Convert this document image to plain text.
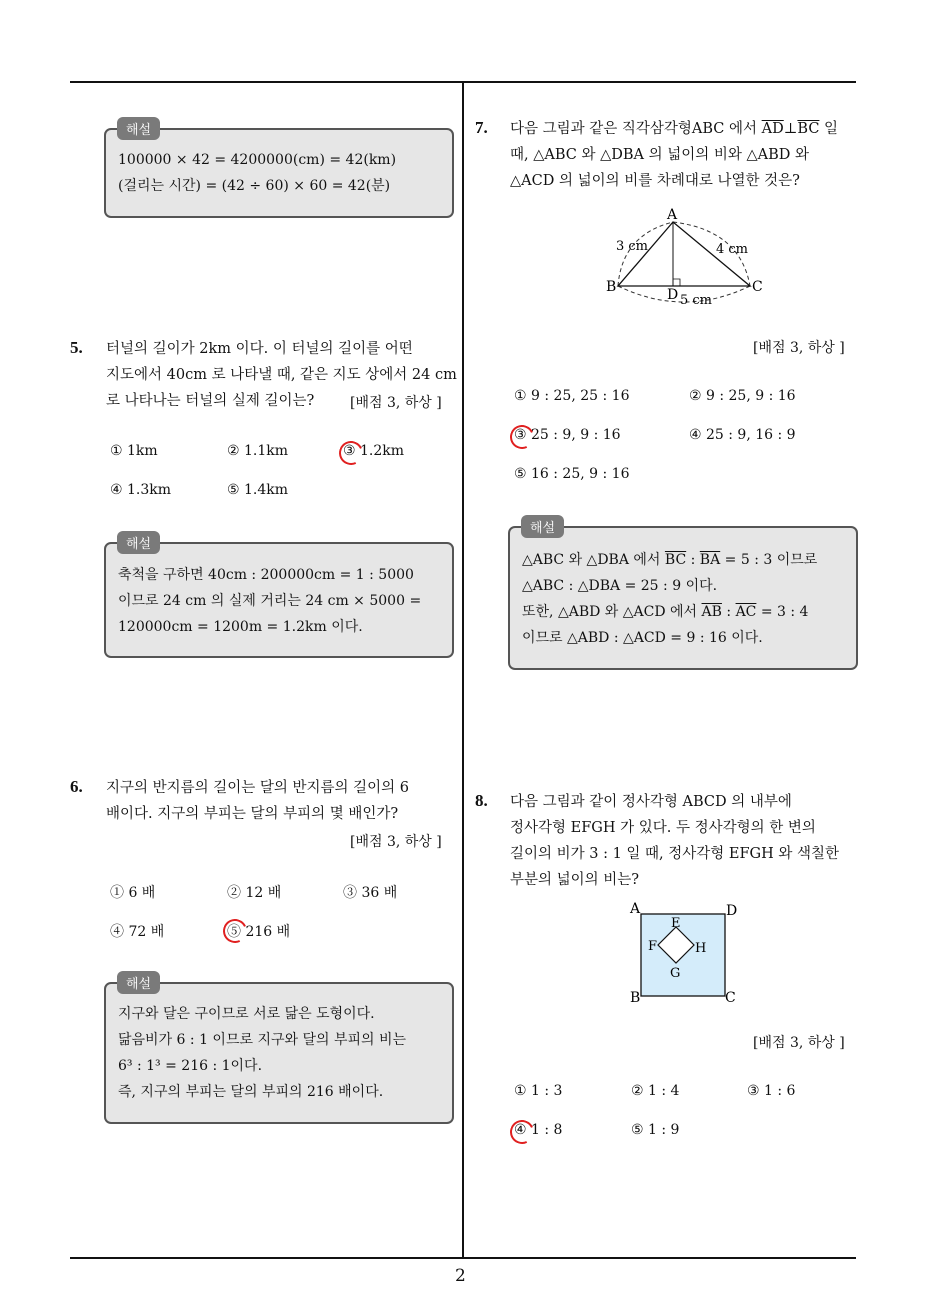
100000 × 42 = 4200000(cm) = 42(km)
(걸리는 시간) = (42 ÷ 60) × 60 = 42(분)
해설
5. 터널의 길이가 2km 이다. 이 터널의 길이를 어떤
지도에서 40cm 로 나타낼 때, 같은 지도 상에서 24 cm
로 나타나는 터널의 실제 길이는?	[배점 3, 하상 ]
① 1km	② 1.1km	③ 1.2km
④ 1.3km	⑤ 1.4km
축척을 구하면 40cm : 200000cm = 1 : 5000
이므로 24 cm 의 실제 거리는 24 cm × 5000 =
120000cm = 1200m = 1.2km 이다.
해설
6. 지구의 반지름의 길이는 달의 반지름의 길이의 6
배이다. 지구의 부피는 달의 부피의 몇 배인가?
[배점 3, 하상 ]
① 6 배	② 12 배	③ 36 배
④ 72 배	⑤ 216 배
지구와 달은 구이므로 서로 닮은 도형이다.
닮음비가 6 : 1 이므로 지구와 달의 부피의 비는
6³ : 1³ = 216 : 1이다.
즉, 지구의 부피는 달의 부피의 216 배이다.
해설
7. 다음 그림과 같은 직각삼각형ABC 에서 $\overline{AD}\perp\overline{BC}$ 일
때, △ABC 와 △DBA 의 넓이의 비와 △ABD 와
△ACD 의 넓이의 비를 차례대로 나열한 것은?
A
B	C
D
3 cm	4 cm
5 cm
[배점 3, 하상 ]
① 9 : 25, 25 : 16	② 9 : 25, 9 : 16
③ 25 : 9, 9 : 16	④ 25 : 9, 16 : 9
⑤ 16 : 25, 9 : 16
△ABC 와 △DBA 에서 $\overline{BC}$ : $\overline{BA} = 5$ : 3 이므로
△ABC : △DBA = 25 : 9 이다.
또한, △ABD 와 △ACD 에서 $\overline{AB}$ : $\overline{AC} = 3$ : 4
이므로 △ABD : △ACD = 9 : 16 이다.
해설
8. 다음 그림과 같이 정사각형 ABCD 의 내부에
정사각형 EFGH 가 있다. 두 정사각형의 한 변의
길이의 비가 3 : 1 일 때, 정사각형 EFGH 와 색칠한
부분의 넓이의 비는?
A	D
B	C
E
F	H
G
[배점 3, 하상 ]
① 1 : 3	② 1 : 4	③ 1 : 6
④ 1 : 8	⑤ 1 : 9
2
